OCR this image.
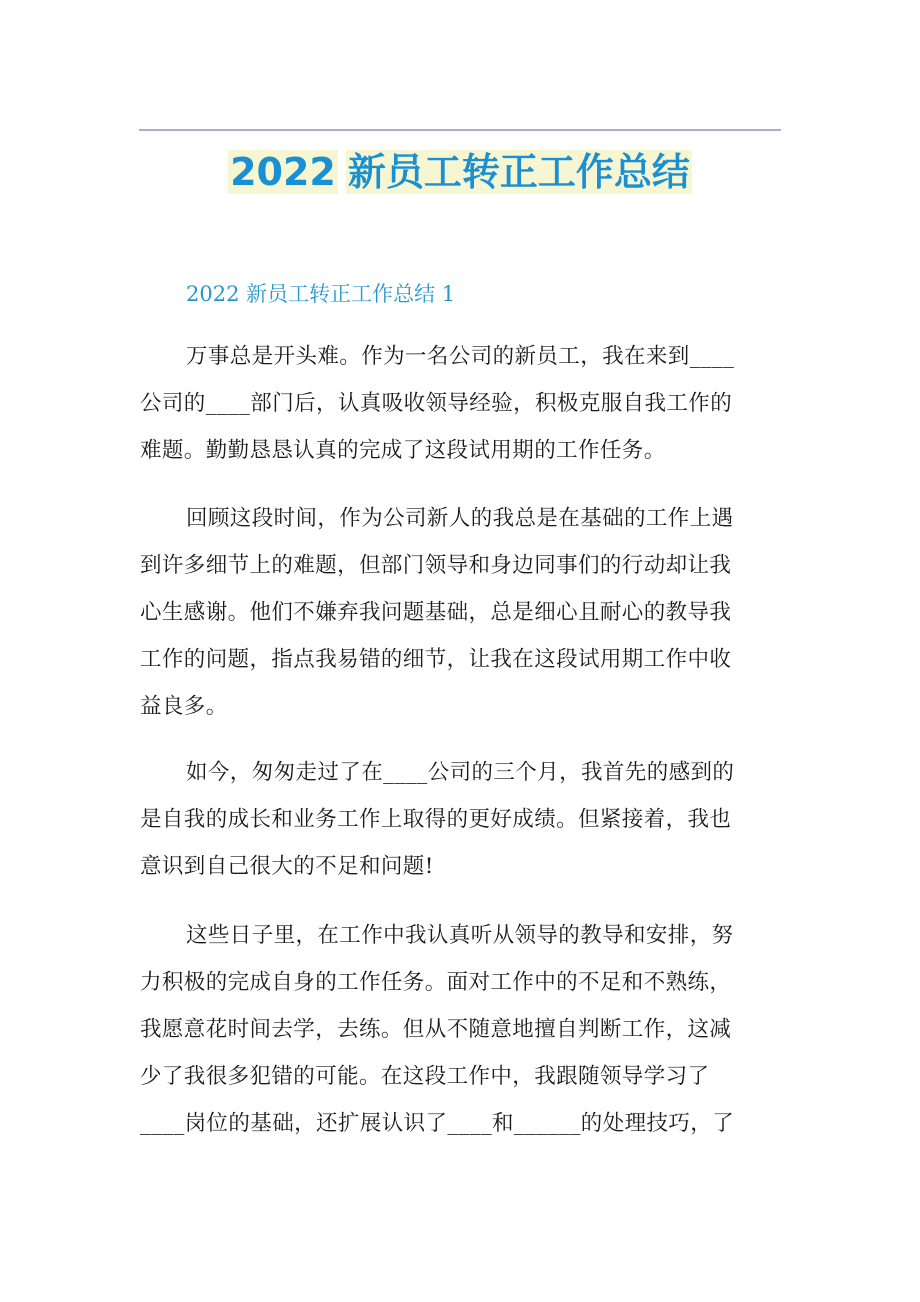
2022 新员工转正工作总结
2022 新员工转正工作总结 1
万事总是开头难。作为一名公司的新员工，我在来到____
公司的____部门后，认真吸收领导经验，积极克服自我工作的
难题。勤勤恳恳认真的完成了这段试用期的工作任务。
回顾这段时间，作为公司新人的我总是在基础的工作上遇
到许多细节上的难题，但部门领导和身边同事们的行动却让我
心生感谢。他们不嫌弃我问题基础，总是细心且耐心的教导我
工作的问题，指点我易错的细节，让我在这段试用期工作中收
益良多。
如今，匆匆走过了在____公司的三个月，我首先的感到的
是自我的成长和业务工作上取得的更好成绩。但紧接着，我也
意识到自己很大的不足和问题!
这些日子里，在工作中我认真听从领导的教导和安排，努
力积极的完成自身的工作任务。面对工作中的不足和不熟练，
我愿意花时间去学，去练。但从不随意地擅自判断工作，这减
少了我很多犯错的可能。在这段工作中，我跟随领导学习了
____岗位的基础，还扩展认识了____和______的处理技巧，了
